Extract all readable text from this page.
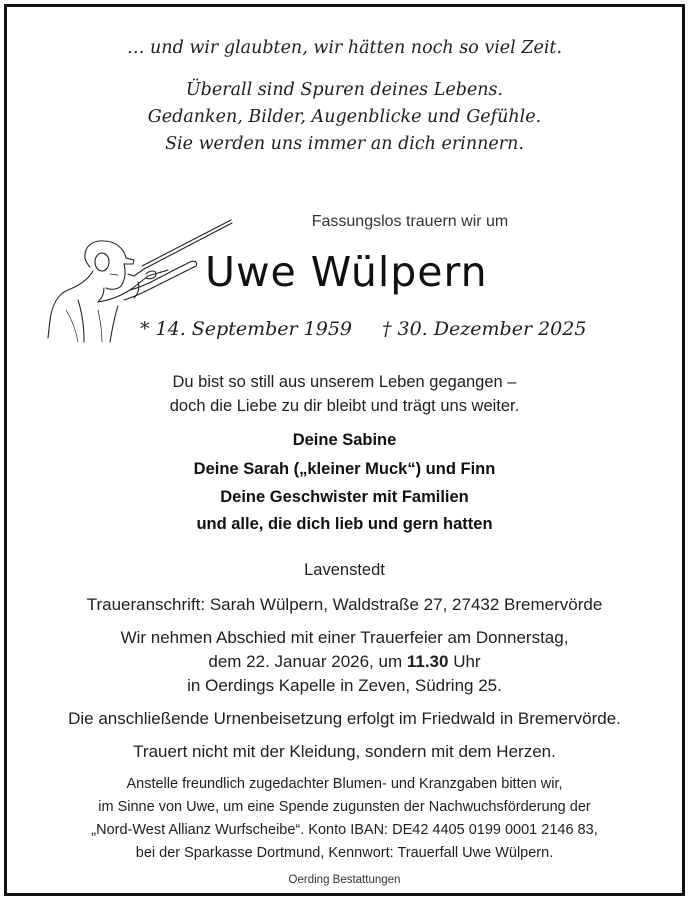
… und wir glaubten, wir hätten noch so viel Zeit.
Überall sind Spuren deines Lebens.
Gedanken, Bilder, Augenblicke und Gefühle.
Sie werden uns immer an dich erinnern.
Fassungslos trauern wir um
Uwe Wülpern
* 14. September 1959 † 30. Dezember 2025
Du bist so still aus unserem Leben gegangen –
doch die Liebe zu dir bleibt und trägt uns weiter.
Deine Sabine
Deine Sarah („kleiner Muck“) und Finn
Deine Geschwister mit Familien
und alle, die dich lieb und gern hatten
Lavenstedt
Traueranschrift: Sarah Wülpern, Waldstraße 27, 27432 Bremervörde
Wir nehmen Abschied mit einer Trauerfeier am Donnerstag,
dem 22. Januar 2026, um 11.30 Uhr
in Oerdings Kapelle in Zeven, Südring 25.
Die anschließende Urnenbeisetzung erfolgt im Friedwald in Bremervörde.
Trauert nicht mit der Kleidung, sondern mit dem Herzen.
Anstelle freundlich zugedachter Blumen- und Kranzgaben bitten wir,
im Sinne von Uwe, um eine Spende zugunsten der Nachwuchsförderung der
„Nord-West Allianz Wurfscheibe“. Konto IBAN: DE42 4405 0199 0001 2146 83,
bei der Sparkasse Dortmund, Kennwort: Trauerfall Uwe Wülpern.
Oerding Bestattungen
